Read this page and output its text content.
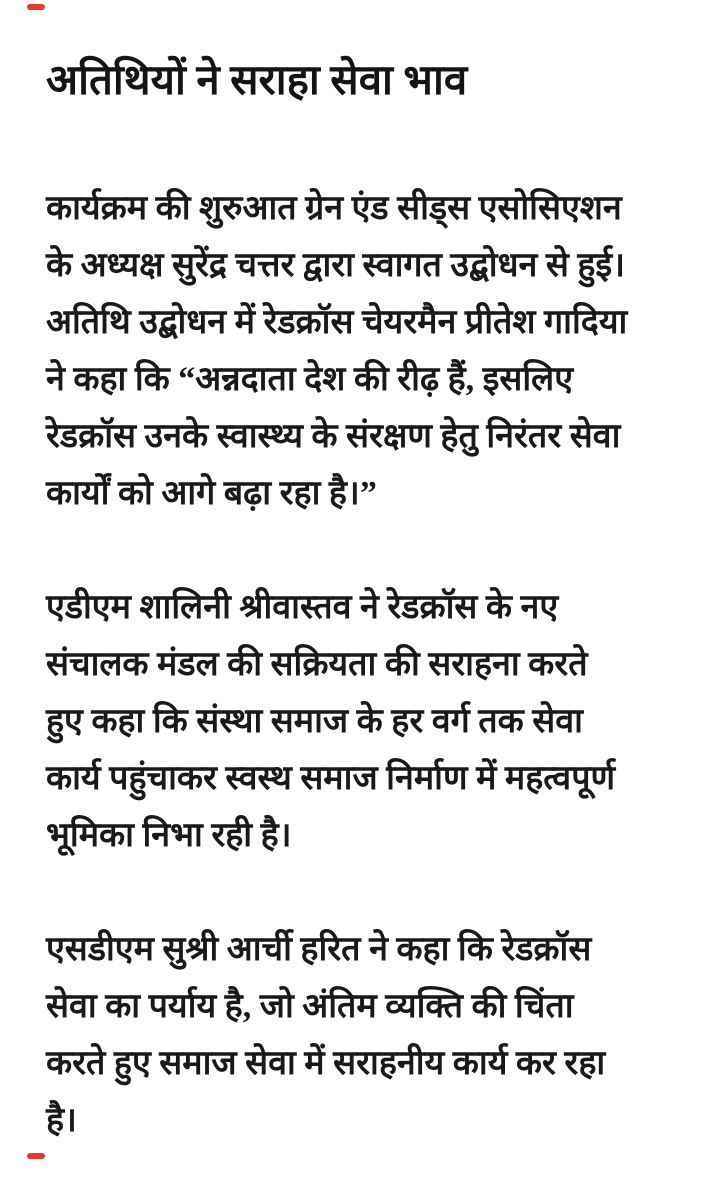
अतिथियों ने सराहा सेवा भाव
कार्यक्रम की शुरुआत ग्रेन एंड सीड्स एसोसिएशन
के अध्यक्ष सुरेंद्र चत्तर द्वारा स्वागत उद्बोधन से हुई।
अतिथि उद्बोधन में रेडक्रॉस चेयरमैन प्रीतेश गादिया
ने कहा कि “अन्नदाता देश की रीढ़ हैं, इसलिए
रेडक्रॉस उनके स्वास्थ्य के संरक्षण हेतु निरंतर सेवा
कार्यों को आगे बढ़ा रहा है।”
एडीएम शालिनी श्रीवास्तव ने रेडक्रॉस के नए
संचालक मंडल की सक्रियता की सराहना करते
हुए कहा कि संस्था समाज के हर वर्ग तक सेवा
कार्य पहुंचाकर स्वस्थ समाज निर्माण में महत्वपूर्ण
भूमिका निभा रही है।
एसडीएम सुश्री आर्ची हरित ने कहा कि रेडक्रॉस
सेवा का पर्याय है, जो अंतिम व्यक्ति की चिंता
करते हुए समाज सेवा में सराहनीय कार्य कर रहा
है।
